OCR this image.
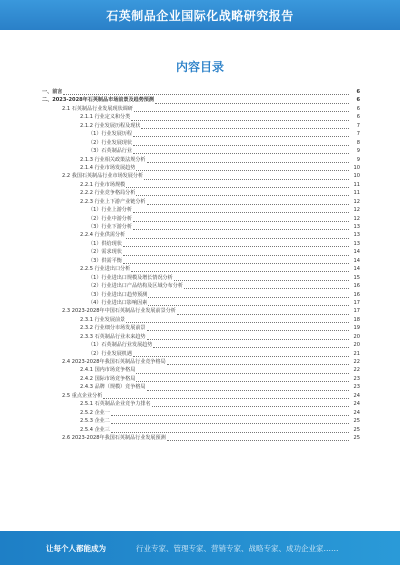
石英制品企业国际化战略研究报告
内容目录
一、前言	6
二、2023-2028年石英制品市场前景及趋势预测	6
2.1 石英制品行业发展现状调研	6
2.1.1 行业定义和分类	6
2.1.2 行业发展历程及现状	7
（1）行业发展历程	7
（2）行业发展现状	8
（3）石英制品行业	9
2.1.3 行业相关政策法规分析	9
2.1.4 行业市场发展趋势	10
2.2 我国石英制品行业市场发展分析	10
2.2.1 行业市场规模	11
2.2.2 行业竞争格局分析	11
2.2.3 行业上下游产业链分析	12
（1）行业上游分析	12
（2）行业中游分析	12
（3）行业下游分析	13
2.2.4 行业供需分析	13
（1）供给现状	13
（2）需求现状	14
（3）供需平衡	14
2.2.5 行业进出口分析	14
（1）行业进出口规模及增长情况分析	15
（2）行业进出口产品结构及区域分布分析	16
（3）行业进出口趋势预测	16
（4）行业进出口影响因素	17
2.3 2023-2028年中国石英制品行业发展前景分析	17
2.3.1 行业发展前景	18
2.3.2 行业细分市场发展前景	19
2.3.3 石英制品行业未来趋势	20
（1）石英制品行业发展趋势	20
（2）行业发展机遇	21
2.4 2023-2028年我国石英制品行业竞争格局	22
2.4.1 国内市场竞争格局	22
2.4.2 国际市场竞争格局	23
2.4.3 品牌（规模）竞争格局	23
2.5 重点企业分析	24
2.5.1 石英制品企业竞争力排名	24
2.5.2 企业一	24
2.5.3 企业二	25
2.5.4 企业三	25
2.6 2023-2028年我国石英制品行业发展预测	25
让每个人都能成为	行业专家、管理专家、营销专家、战略专家、成功企业家……
